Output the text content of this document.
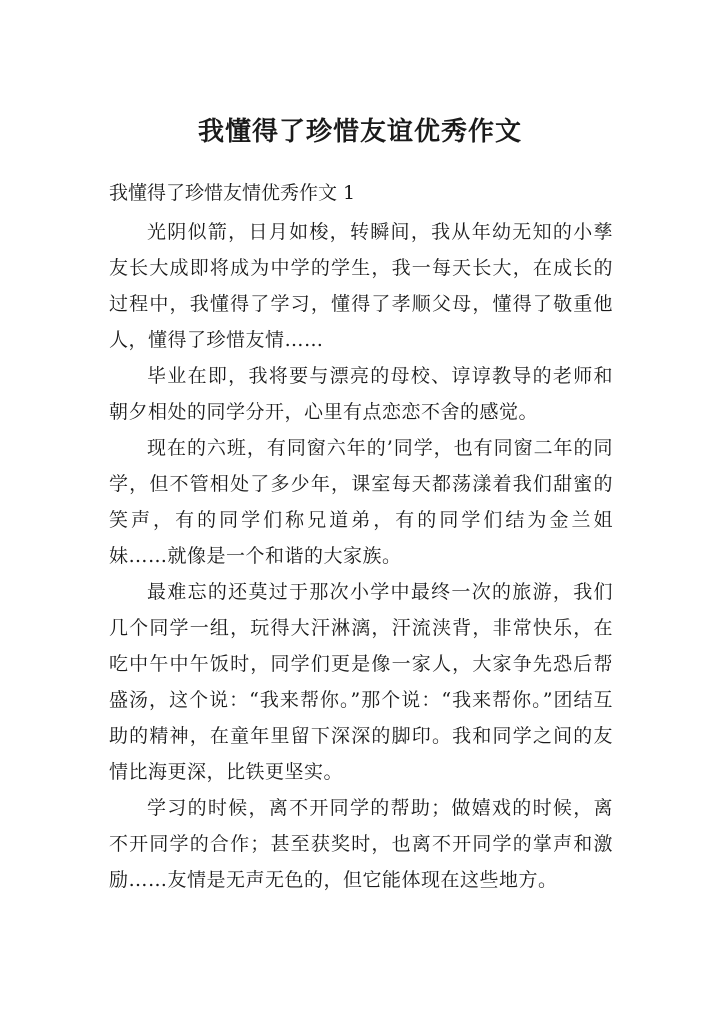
我懂得了珍惜友谊优秀作文

我懂得了珍惜友情优秀作文 1

光阴似箭，日月如梭，转瞬间，我从年幼无知的小孳友长大成即将成为中学的学生，我一每天长大，在成长的过程中，我懂得了学习，懂得了孝顺父母，懂得了敬重他人，懂得了珍惜友情……

毕业在即，我将要与漂亮的母校、谆谆教导的老师和朝夕相处的同学分开，心里有点恋恋不舍的感觉。

现在的六班，有同窗六年的’同学，也有同窗二年的同学，但不管相处了多少年，课室每天都荡漾着我们甜蜜的笑声，有的同学们称兄道弟，有的同学们结为金兰姐妹……就像是一个和谐的大家族。

最难忘的还莫过于那次小学中最终一次的旅游，我们几个同学一组，玩得大汗淋漓，汗流浃背，非常快乐，在吃中午中午饭时，同学们更是像一家人，大家争先恐后帮盛汤，这个说：“我来帮你。”那个说：“我来帮你。”团结互助的精神，在童年里留下深深的脚印。我和同学之间的友情比海更深，比铁更坚实。

学习的时候，离不开同学的帮助；做嬉戏的时候，离不开同学的合作；甚至获奖时，也离不开同学的掌声和激励……友情是无声无色的，但它能体现在这些地方。
